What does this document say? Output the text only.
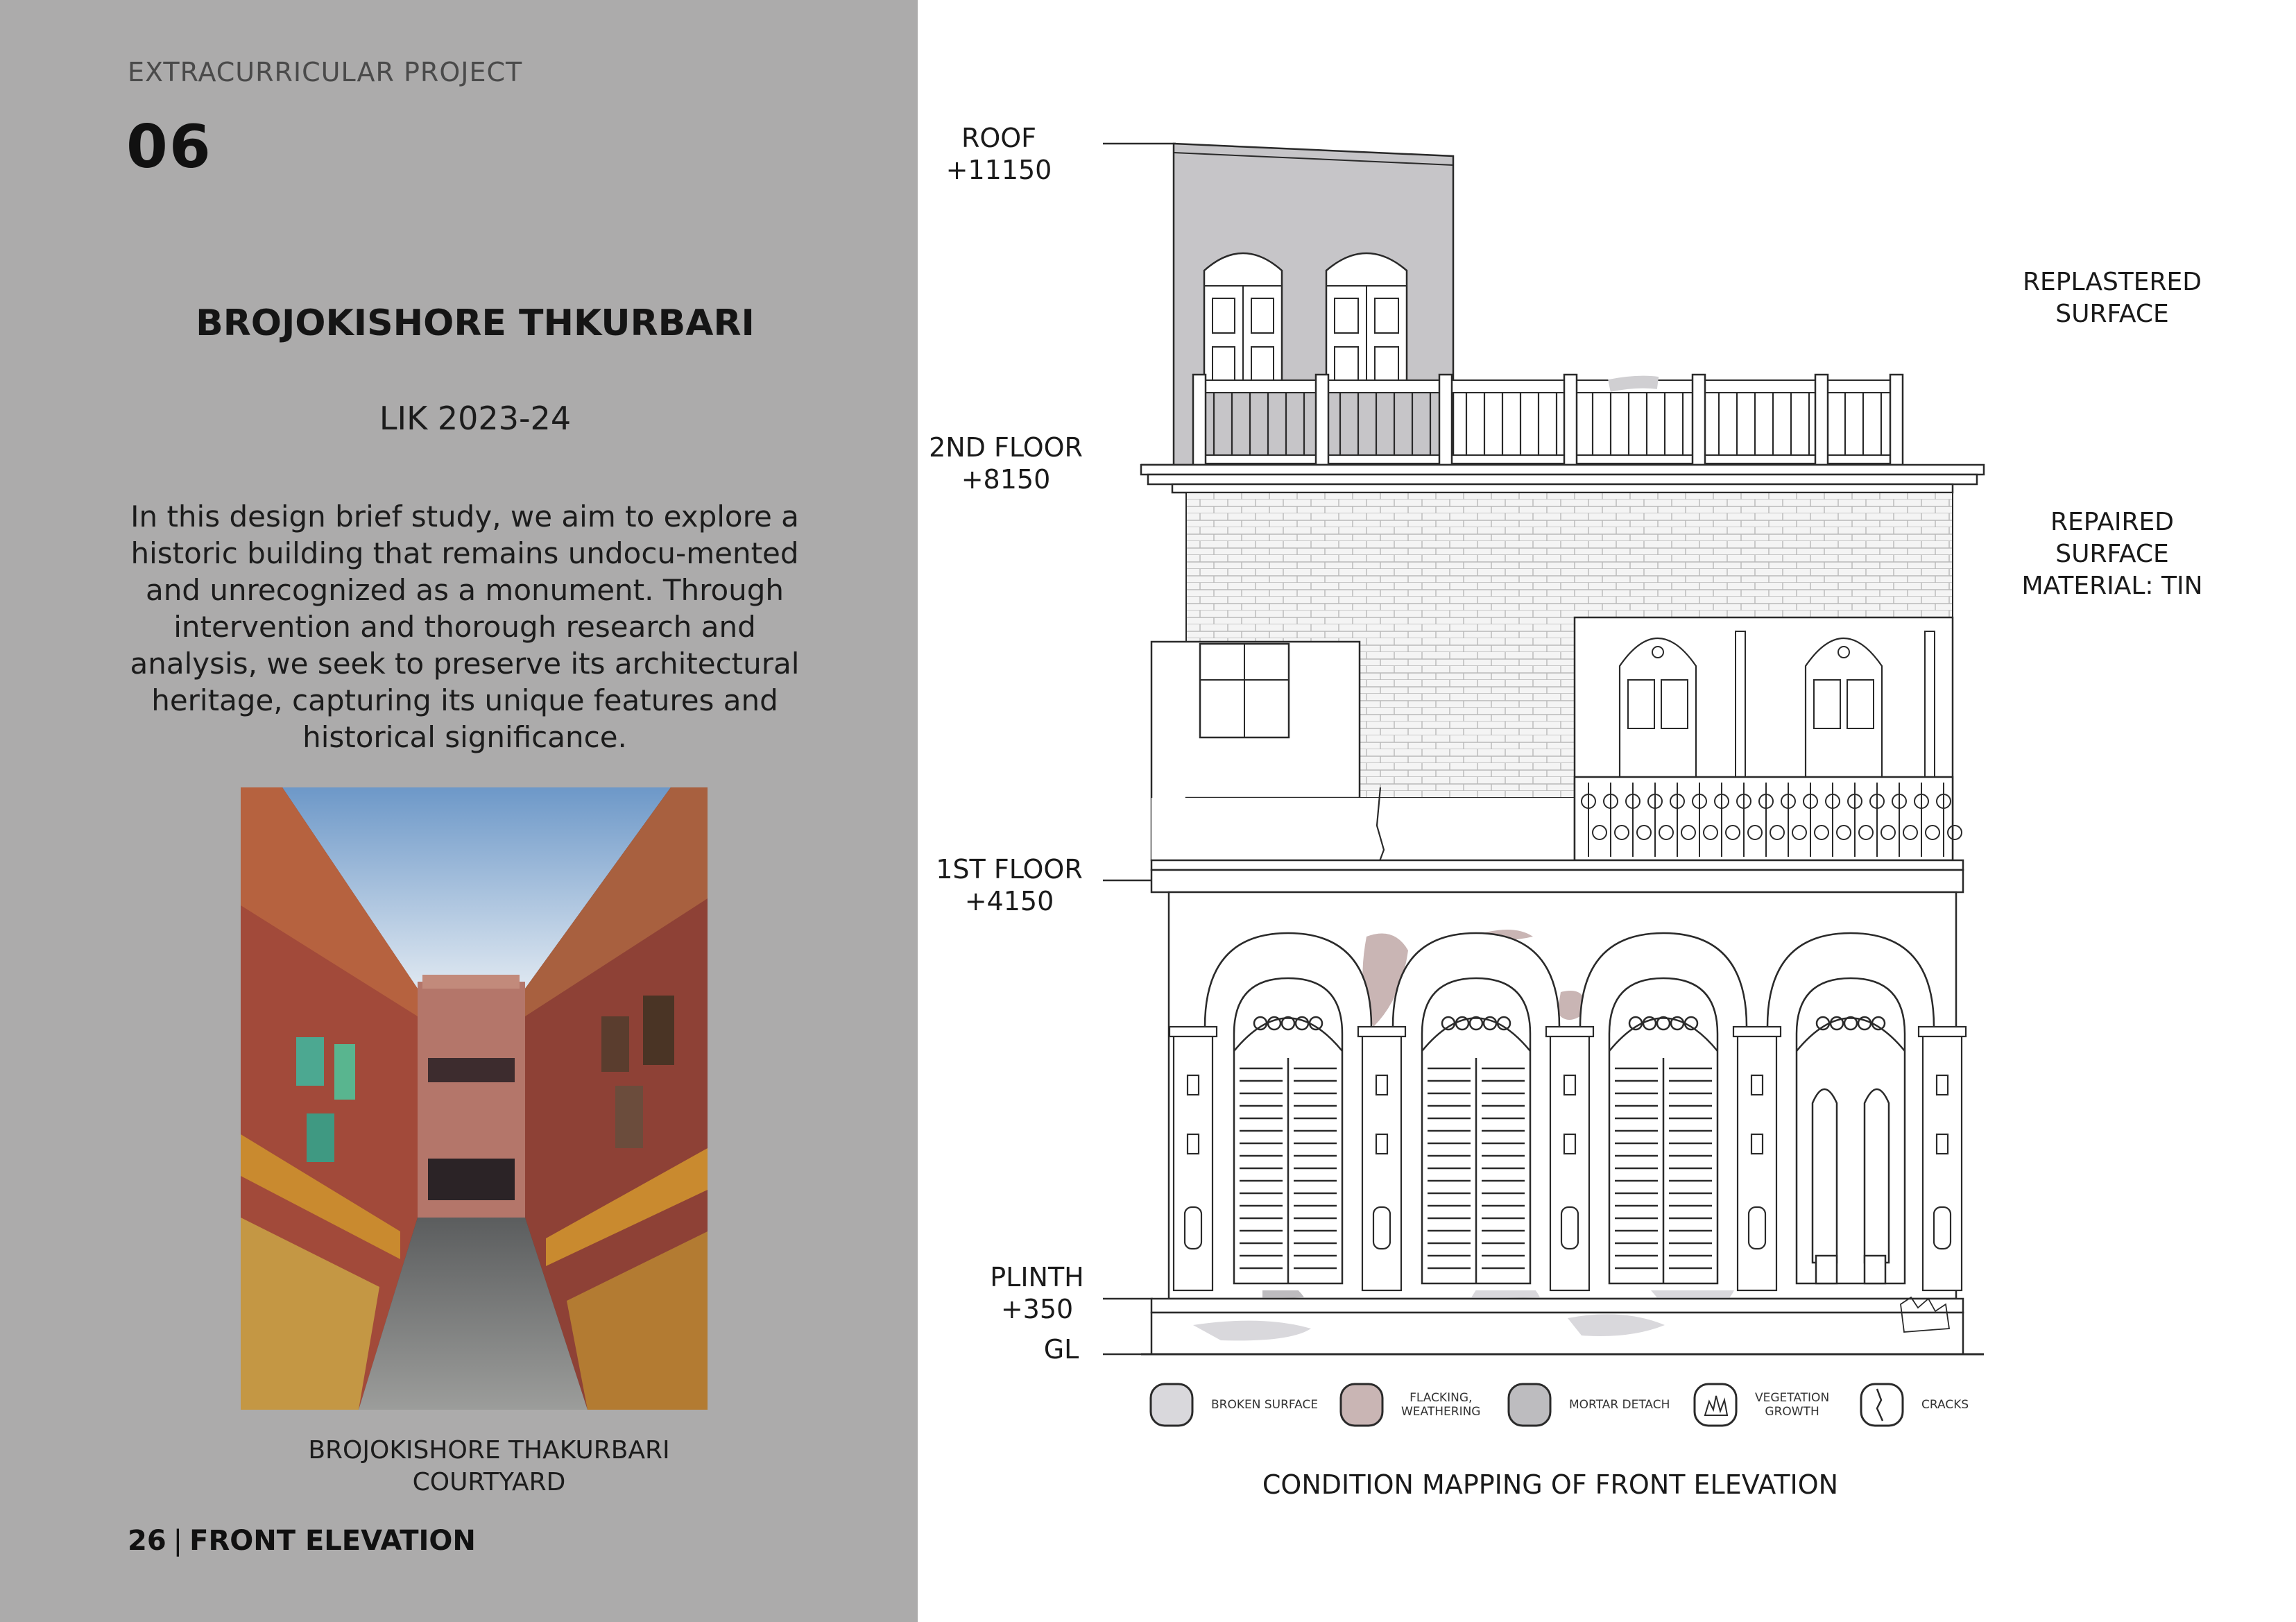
EXTRACURRICULAR PROJECT
06
BROJOKISHORE THKURBARI
LIK 2023-24
In this design brief study, we aim to explore a historic building that remains undocu-mented and unrecognized as a monument. Through intervention and thorough research and analysis, we seek to preserve its architectural heritage, capturing its unique features and historical significance.
BROJOKISHORE THAKURBARI
COURTYARD
26 | FRONT ELEVATION
ROOF
+11150
2ND FLOOR
+8150
1ST FLOOR
+4150
PLINTH
+350
GL
REPLASTERED
SURFACE
REPAIRED
SURFACE
MATERIAL: TIN
BROKEN SURFACE	FLACKING,
WEATHERING	MORTAR DETACH	VEGETATION
GROWTH	CRACKS
CONDITION MAPPING OF FRONT ELEVATION
